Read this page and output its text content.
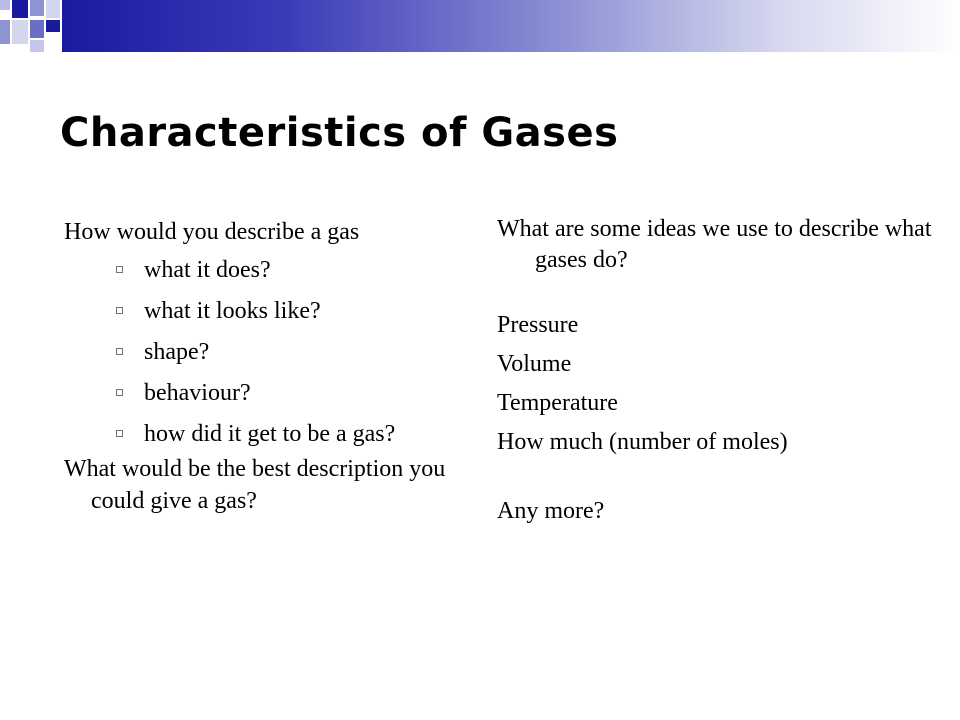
Characteristics of Gases

How would you describe a gas

what it does?
what it looks like?
shape?
behaviour?
how did it get to be a gas?

What would be the best description you could give a gas?

What are some ideas we use to describe what gases do?

Pressure

Volume

Temperature

How much (number of moles)

Any more?
